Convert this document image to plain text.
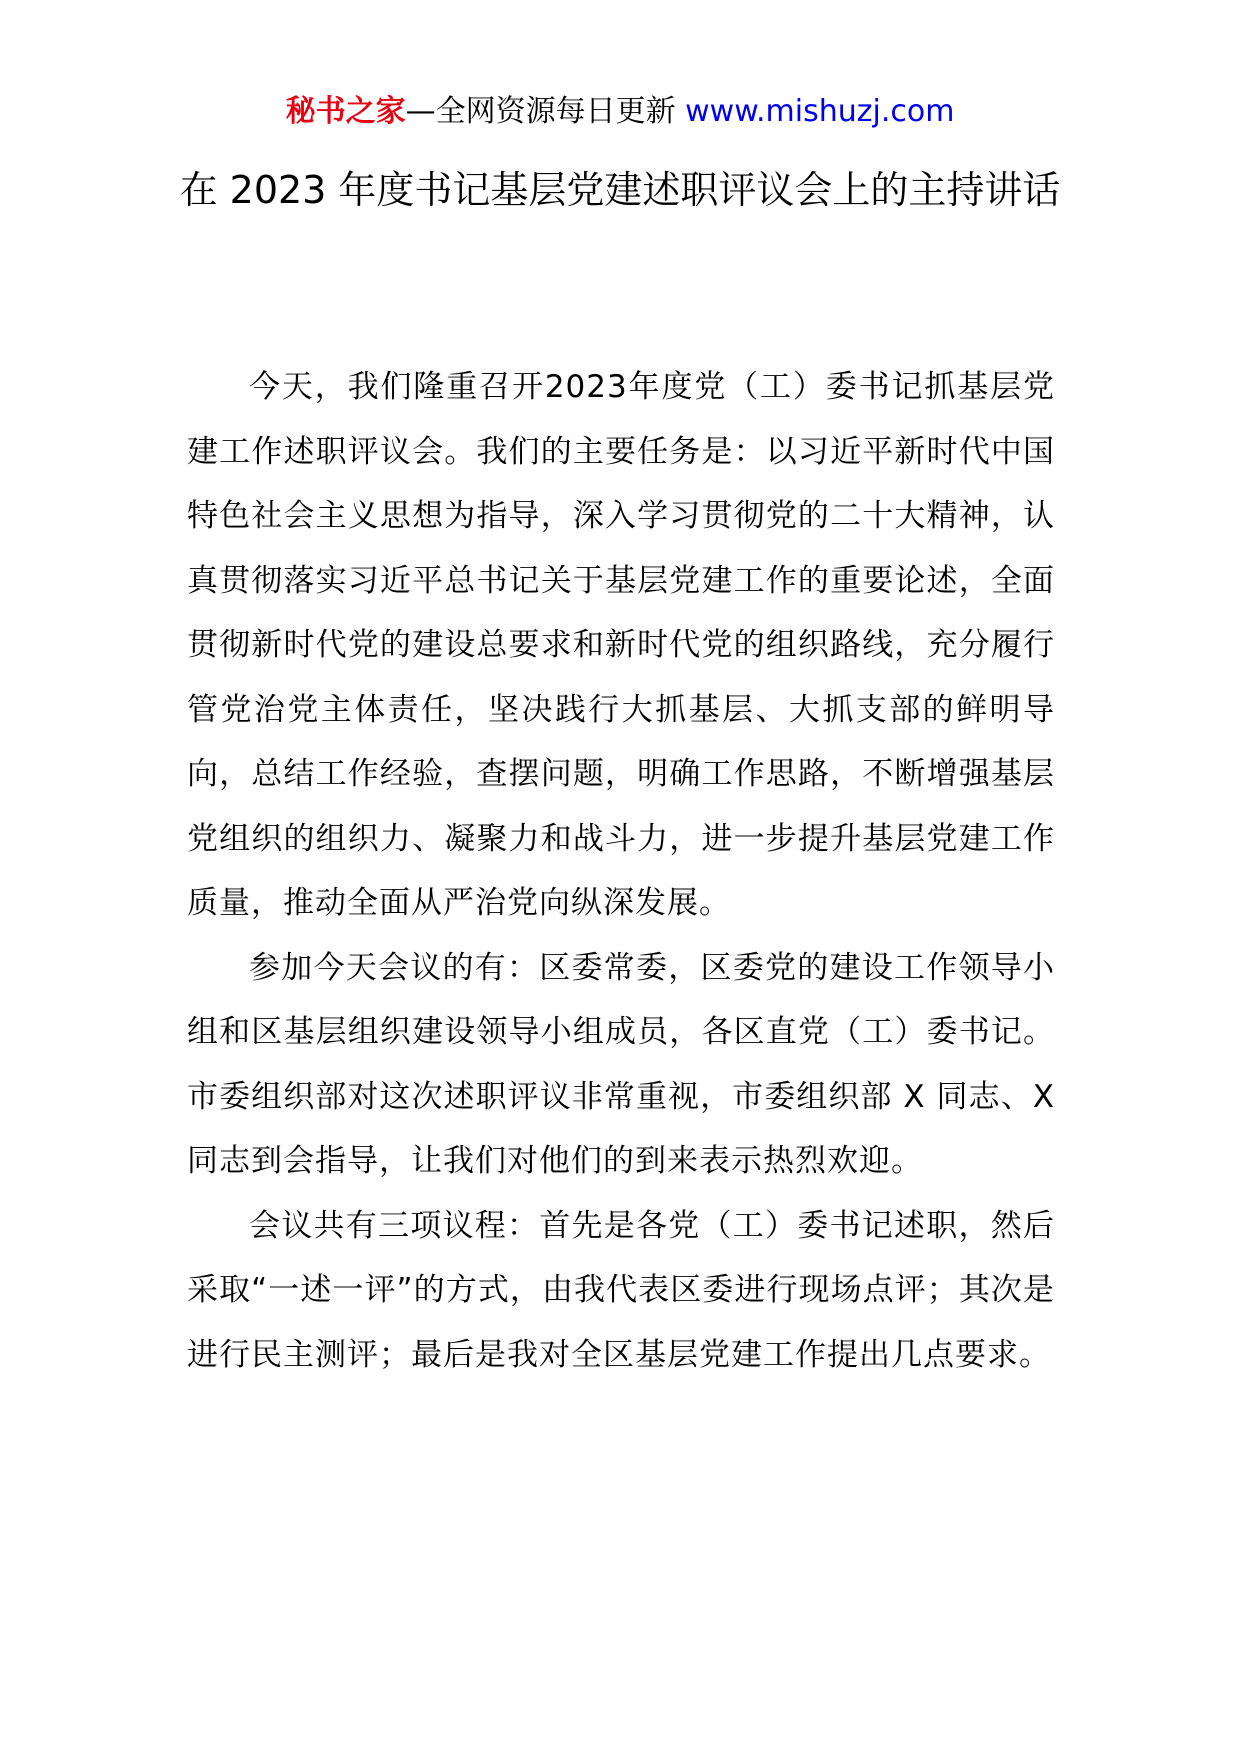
秘书之家—全网资源每日更新 www.mishuzj.com
在 2023 年度书记基层党建述职评议会上的主持讲话

今天，我们隆重召开2023年度党（工）委书记抓基层党建工作述职评议会。我们的主要任务是：以习近平新时代中国特色社会主义思想为指导，深入学习贯彻党的二十大精神，认真贯彻落实习近平总书记关于基层党建工作的重要论述，全面贯彻新时代党的建设总要求和新时代党的组织路线，充分履行管党治党主体责任，坚决践行大抓基层、大抓支部的鲜明导向，总结工作经验，查摆问题，明确工作思路，不断增强基层党组织的组织力、凝聚力和战斗力，进一步提升基层党建工作质量，推动全面从严治党向纵深发展。

参加今天会议的有：区委常委，区委党的建设工作领导小组和区基层组织建设领导小组成员，各区直党（工）委书记。市委组织部对这次述职评议非常重视，市委组织部 X 同志、X 同志到会指导，让我们对他们的到来表示热烈欢迎。

会议共有三项议程：首先是各党（工）委书记述职，然后采取“一述一评”的方式，由我代表区委进行现场点评；其次是进行民主测评；最后是我对全区基层党建工作提出几点要求。
